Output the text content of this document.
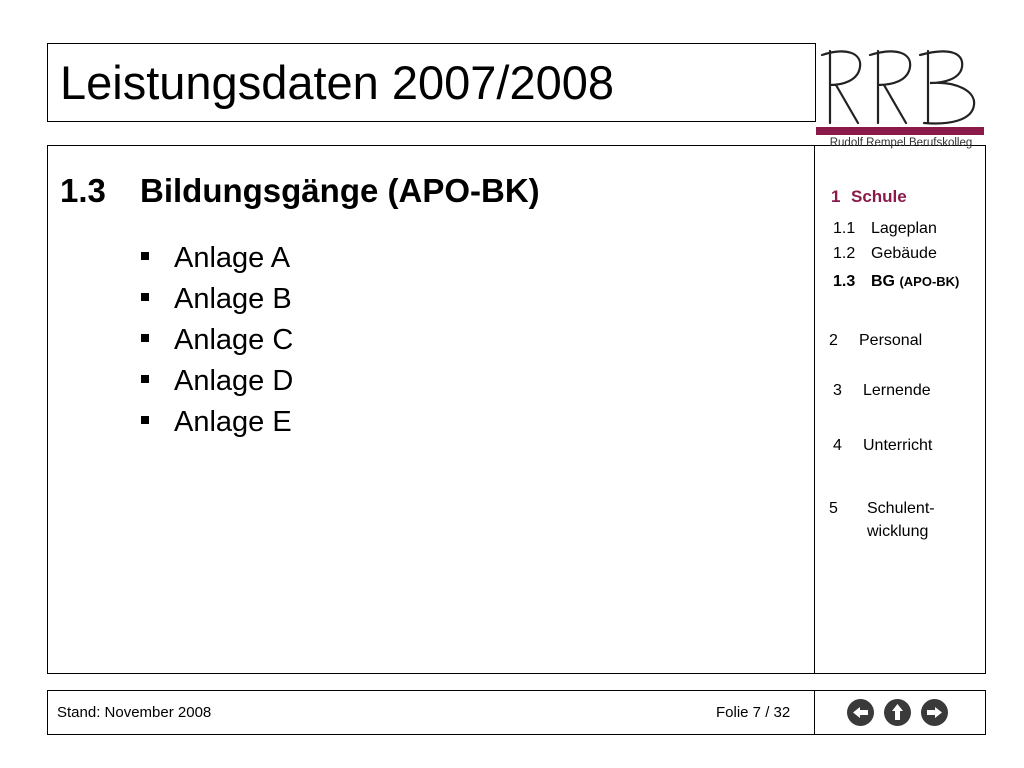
Leistungsdaten 2007/2008
Rudolf Rempel Berufskolleg
1.3 Bildungsgänge (APO-BK)
Anlage A
Anlage B
Anlage C
Anlage D
Anlage E
1 Schule
1.1 Lageplan
1.2 Gebäude
1.3 BG (APO-BK)
2 Personal
3 Lernende
4 Unterricht
5 Schulent-
wicklung
Stand: November 2008	Folie 7 / 32
